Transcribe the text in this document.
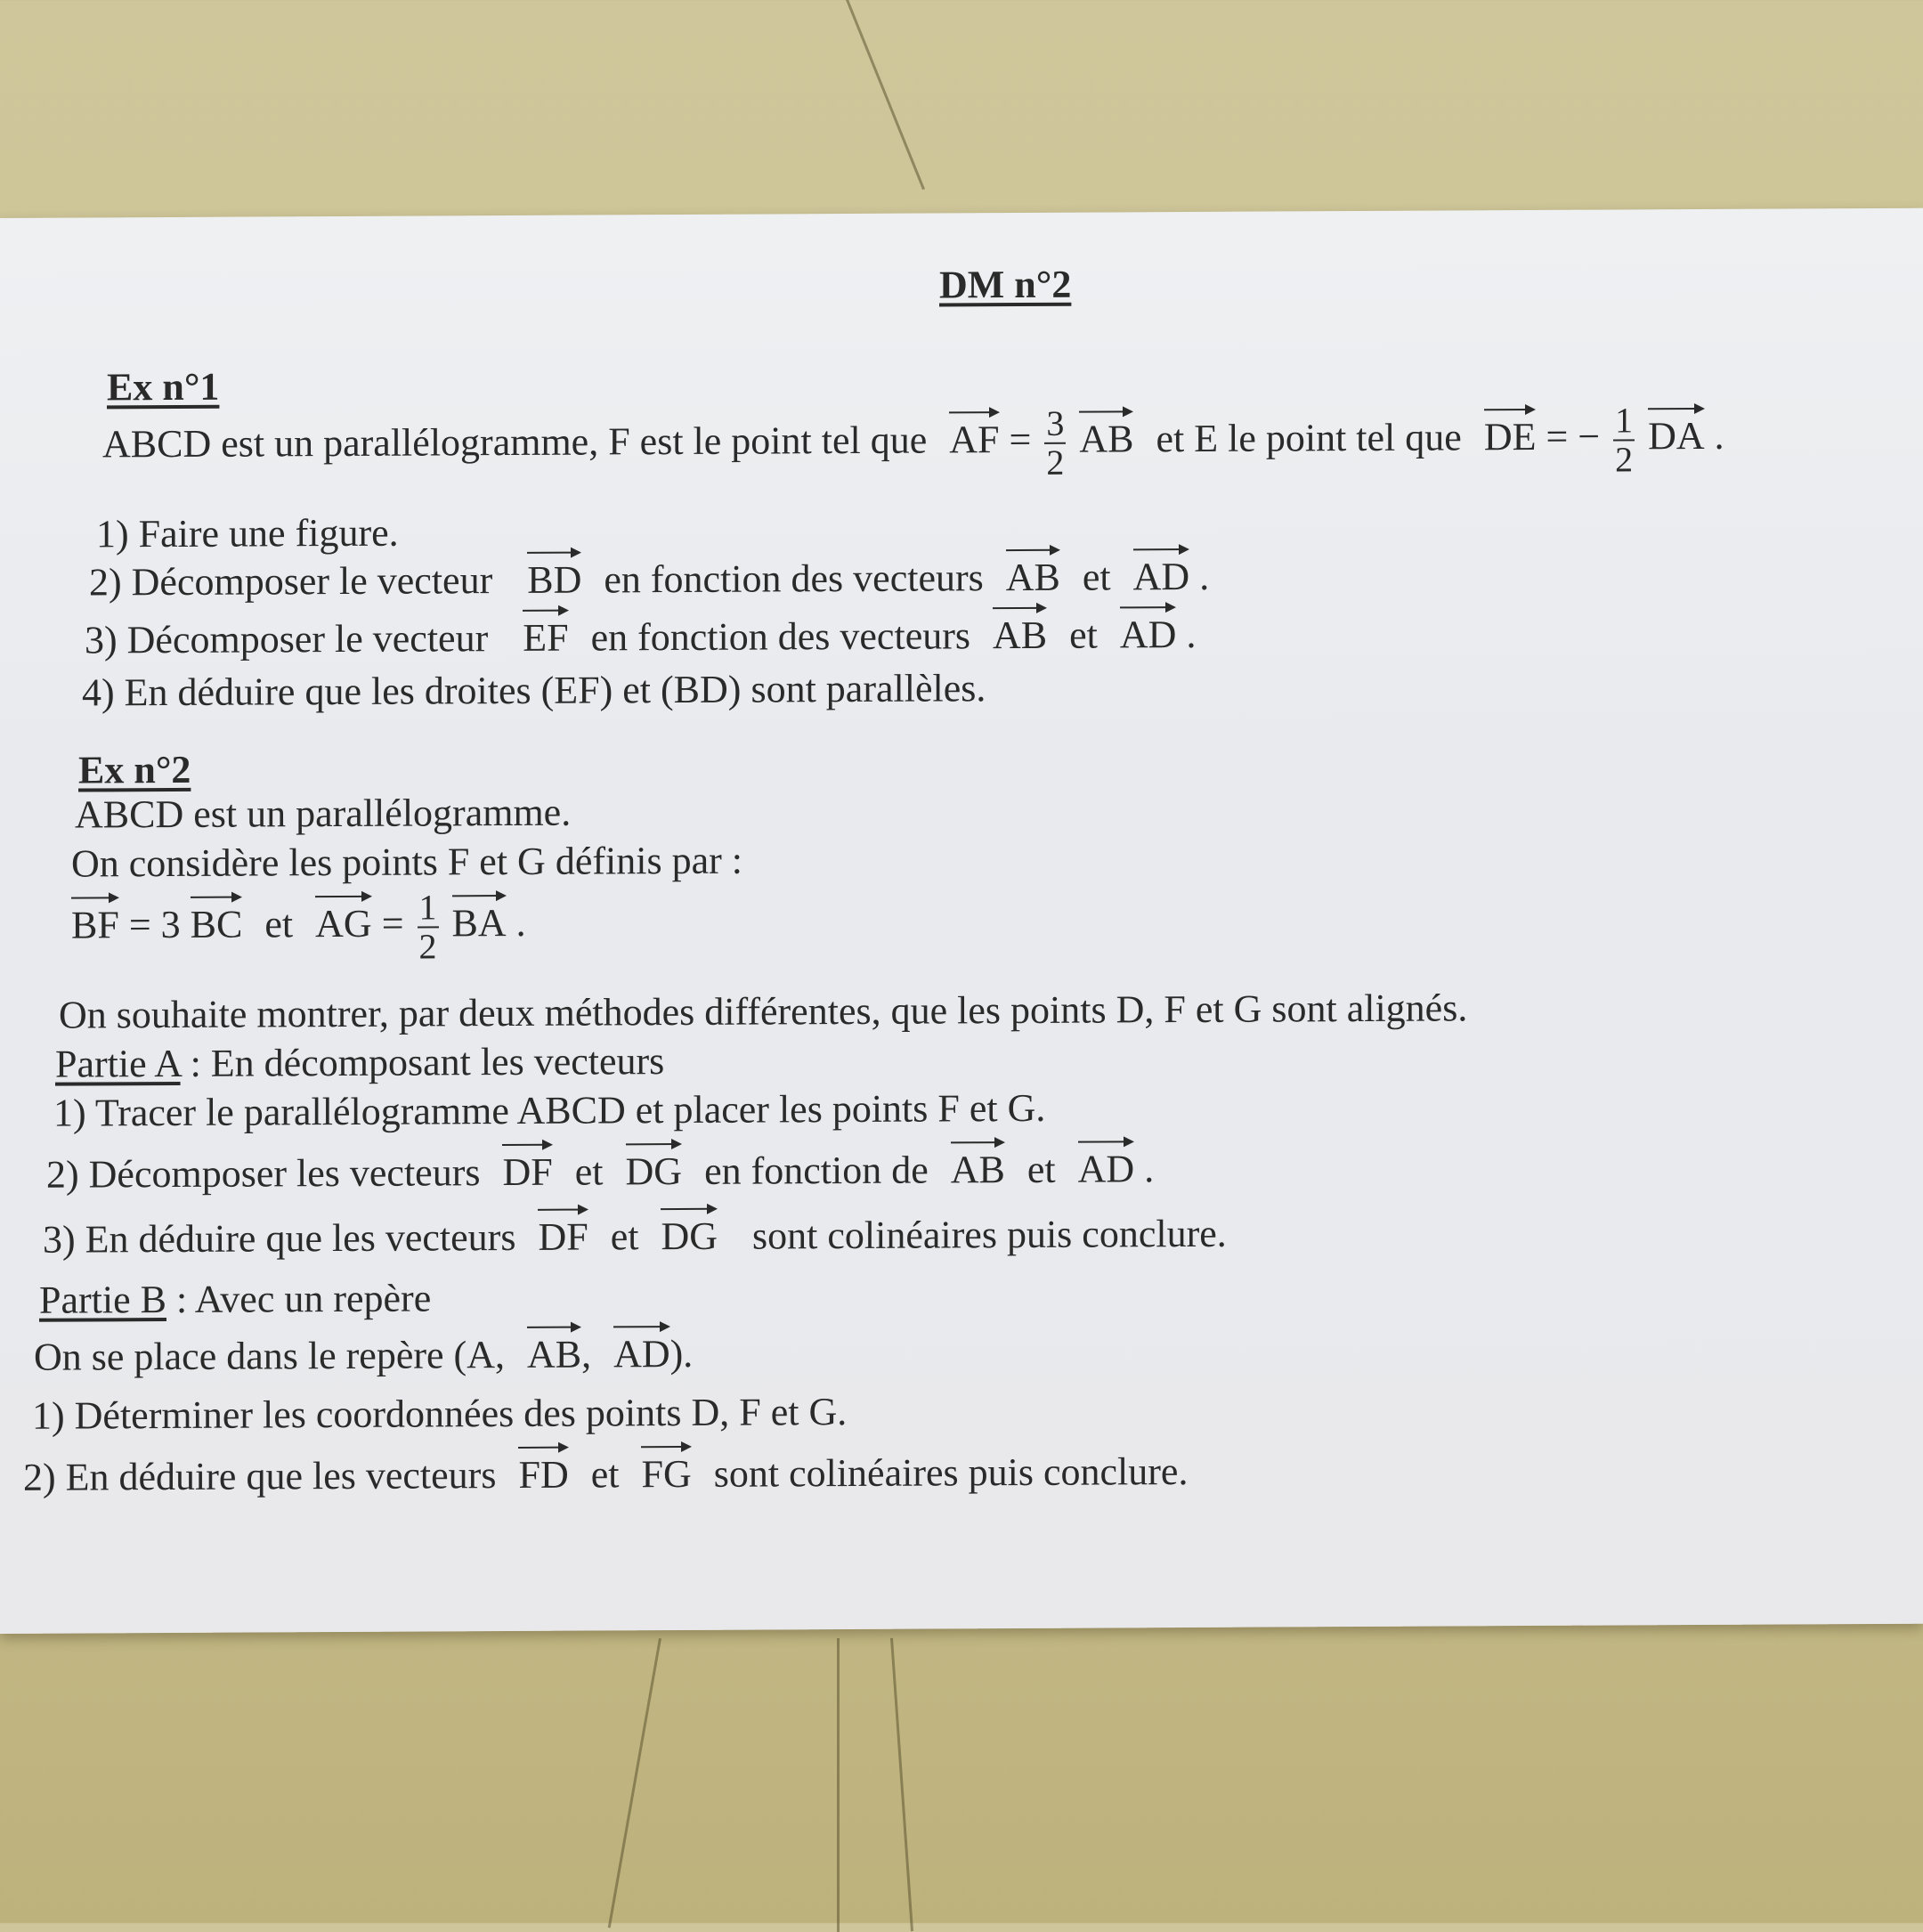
DM n°2
Ex n°1
ABCD est un parallélogramme, F est le point tel que AF = $\frac{3}{2}$ AB et E le point tel que DE = − $\frac{1}{2}$ DA .
1) Faire une figure.
2) Décomposer le vecteur BD en fonction des vecteurs AB et AD .
3) Décomposer le vecteur EF en fonction des vecteurs AB et AD .
4) En déduire que les droites (EF) et (BD) sont parallèles.
Ex n°2
ABCD est un parallélogramme.
On considère les points F et G définis par :
BF = 3 BC et AG = $\frac{1}{2}$ BA .
On souhaite montrer, par deux méthodes différentes, que les points D, F et G sont alignés.
Partie A : En décomposant les vecteurs
1) Tracer le parallélogramme ABCD et placer les points F et G.
2) Décomposer les vecteurs DF et DG en fonction de AB et AD .
3) En déduire que les vecteurs DF et DG sont colinéaires puis conclure.
Partie B : Avec un repère
On se place dans le repère (A, AB, AD).
1) Déterminer les coordonnées des points D, F et G.
2) En déduire que les vecteurs FD et FG sont colinéaires puis conclure.
